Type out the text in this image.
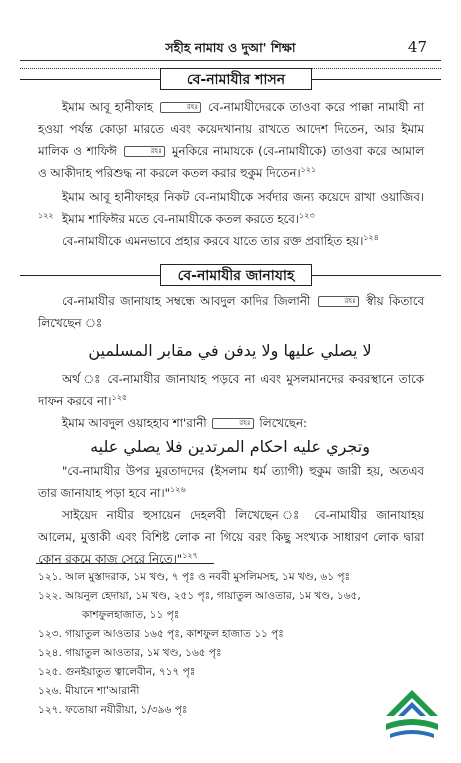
সহীহ নামায ও দুআ' শিক্ষা	47
বে-নামাযীর শাসন
ইমাম আবূ হানীফাহ	রহঃ বে-নামাযীদেরকে তাওবা করে পাক্কা নামাযী না হওয়া পর্যন্ত কোড়া মারতে এবং কয়েদখানায় রাখতে আদেশ দিতেন, আর ইমাম মালিক ও শাফিঈ	রহঃ মুনকিরে নামাযকে (বে-নামাযীকে) তাওবা করে আমাল ও আকীদাহ পরিশুদ্ধ না করলে কতল করার হুকুম দিতেন।$^{১২১}$
ইমাম আবূ হানীফাহর নিকট বে-নামাযীকে সর্বদার জন্য কয়েদে রাখা ওয়াজিব।$^{১২২}$ ইমাম শাফিঈর মতে বে-নামাযীকে কতল করতে হবে।$^{১২৩}$
বে-নামাযীকে এমনভাবে প্রহার করবে যাতে তার রক্ত প্রবাহিত হয়।$^{১২৪}$
বে-নামাযীর জানাযাহ
বে-নামাযীর জানাযাহ সম্বন্ধে আবদুল কাদির জিলানী	রহঃ স্বীয় কিতাবে লিখেছেন ঃ
لا يصلي عليها ولا يدفن في مقابر المسلمين
অর্থ ঃ বে-নামাযীর জানাযাহ পড়বে না এবং মুসলমানদের কবরস্থানে তাকে দাফন করবে না।$^{১২৫}$
ইমাম আবদুল ওয়াহহাব শা'রানী	রহঃ লিখেছেন:
وتجري عليه احكام المرتدين فلا يصلي عليه
"বে-নামাযীর উপর মুরতাদদের (ইসলাম ধর্ম ত্যাগী) হুকুম জারী হয়, অতএব তার জানাযাহ পড়া হবে না।"$^{১২৬}$
সাইয়েদ নাযীর হুসায়েন দেহলবী লিখেছেন ঃ বে-নামাযীর জানাযাহয় আলেম, মুত্তাকী এবং বিশিষ্ট লোক না গিয়ে বরং কিছু সংখ্যক সাধারণ লোক দ্বারা কোন রকমে কাজ সেরে নিতে।"$^{১২৭}$
১২১. আল মুস্তাদরাক, ১ম খণ্ড, ৭ পৃঃ ও নববী মুসলিমসহ, ১ম খণ্ড, ৬১ পৃঃ
১২২. আয়নুল হেদায়া, ১ম খণ্ড, ২৫১ পৃঃ, গায়াতুল আওতার, ১ম খণ্ড, ১৬৫,
কাশফুলহাজাত, ১১ পৃঃ
১২৩. গায়াতুল আওতার ১৬৫ পৃঃ, কাশফুল হাজাত ১১ পৃঃ
১২৪. গায়াতুল আওতার, ১ম খণ্ড, ১৬৫ পৃঃ
১২৫. গুনইয়াতুত ত্বালেবীন, ৭১৭ পৃঃ
১২৬. মীযানে শা'আরানী
১২৭. ফতোয়া নযীরীয়া, ১/৩৯৬ পৃঃ
